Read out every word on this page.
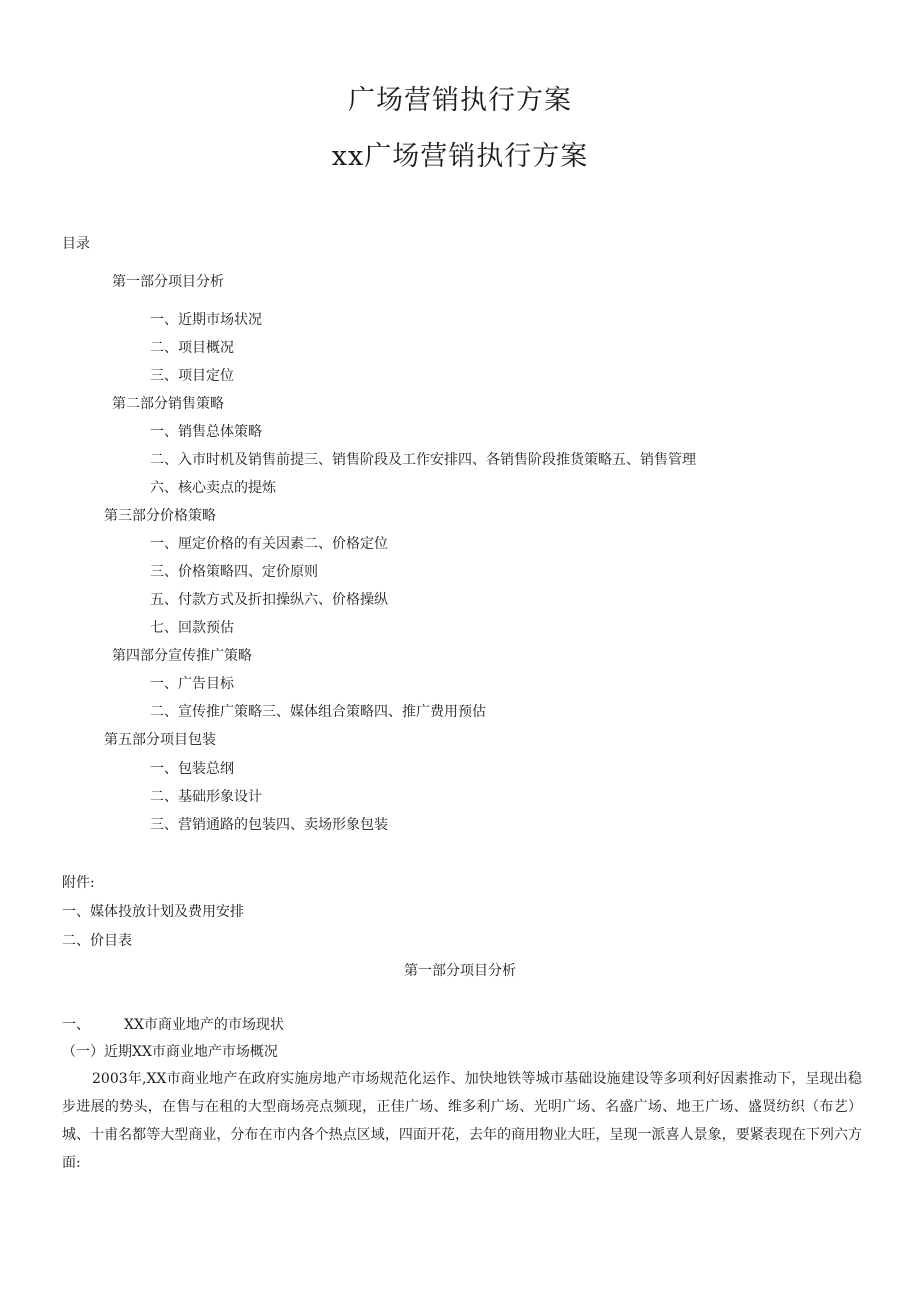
广场营销执行方案
xx广场营销执行方案
目录
第一部分项目分析
一、近期市场状况
二、项目概况
三、项目定位
第二部分销售策略
一、销售总体策略
二、入市时机及销售前提三、销售阶段及工作安排四、各销售阶段推货策略五、销售管理
六、核心卖点的提炼
第三部分价格策略
一、厘定价格的有关因素二、价格定位
三、价格策略四、定价原则
五、付款方式及折扣操纵六、价格操纵
七、回款预估
第四部分宣传推广策略
一、广告目标
二、宣传推广策略三、媒体组合策略四、推广费用预估
第五部分项目包装
一、包装总纲
二、基础形象设计
三、营销通路的包装四、卖场形象包装
附件:
一、媒体投放计划及费用安排
二、价目表
第一部分项目分析
一、 XX市商业地产的市场现状
（一）近期XX市商业地产市场概况

2003年,XX市商业地产在政府实施房地产市场规范化运作、加快地铁等城市基础设施建设等多项利好因素推动下，呈现出稳步进展的势头，在售与在租的大型商场亮点频现，正佳广场、维多利广场、光明广场、名盛广场、地王广场、盛贤纺织（布艺）城、十甫名都等大型商业，分布在市内各个热点区域，四面开花，去年的商用物业大旺，呈现一派喜人景象，要紧表现在下列六方面:
